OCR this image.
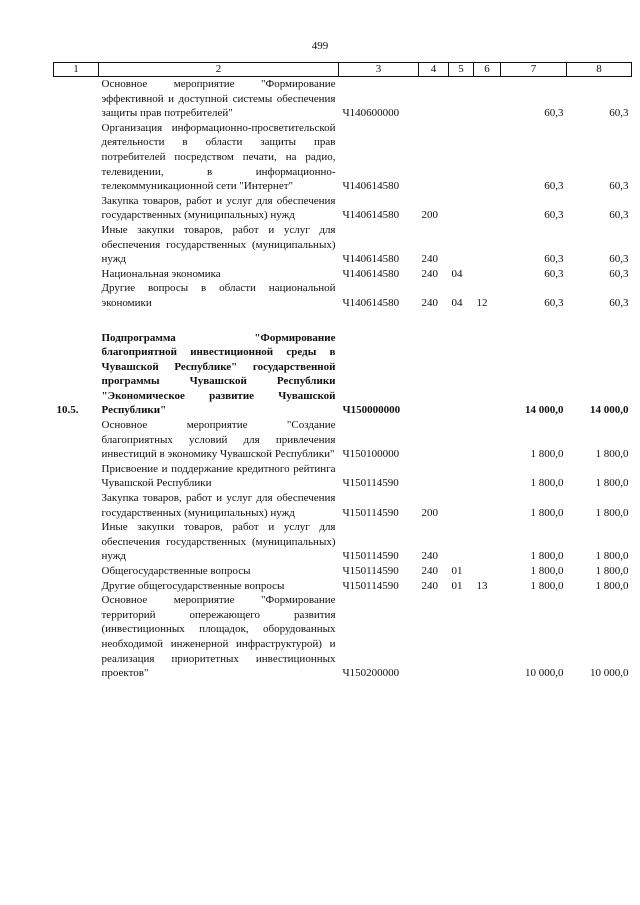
499
1	2	3	4	5	6	7	8
	Основное мероприятие "Формирование эффективной и доступной системы обеспечения защиты прав потребителей"	Ч140600000				60,3	60,3
	Организация информационно-просветительской деятельности в области защиты прав потребителей посредством печати, на радио, телевидении, в информационно-телекоммуникационной сети "Интернет"	Ч140614580				60,3	60,3
	Закупка товаров, работ и услуг для обеспечения государственных (муниципальных) нужд	Ч140614580	200			60,3	60,3
	Иные закупки товаров, работ и услуг для обеспечения государственных (муниципальных) нужд	Ч140614580	240			60,3	60,3
	Национальная экономика	Ч140614580	240	04		60,3	60,3
	Другие вопросы в области национальной экономики	Ч140614580	240	04	12	60,3	60,3

10.5.	Подпрограмма "Формирование благоприятной инвестиционной среды в Чувашской Республике" государственной программы Чувашской Республики "Экономическое развитие Чувашской Республики"	Ч150000000				14 000,0	14 000,0
	Основное мероприятие "Создание благоприятных условий для привлечения инвестиций в экономику Чувашской Республики"	Ч150100000				1 800,0	1 800,0
	Присвоение и поддержание кредитного рейтинга Чувашской Республики	Ч150114590				1 800,0	1 800,0
	Закупка товаров, работ и услуг для обеспечения государственных (муниципальных) нужд	Ч150114590	200			1 800,0	1 800,0
	Иные закупки товаров, работ и услуг для обеспечения государственных (муниципальных) нужд	Ч150114590	240			1 800,0	1 800,0
	Общегосударственные вопросы	Ч150114590	240	01		1 800,0	1 800,0
	Другие общегосударственные вопросы	Ч150114590	240	01	13	1 800,0	1 800,0
	Основное мероприятие "Формирование территорий опережающего развития (инвестиционных площадок, оборудованных необходимой инженерной инфраструктурой) и реализация приоритетных инвестиционных проектов"	Ч150200000				10 000,0	10 000,0
